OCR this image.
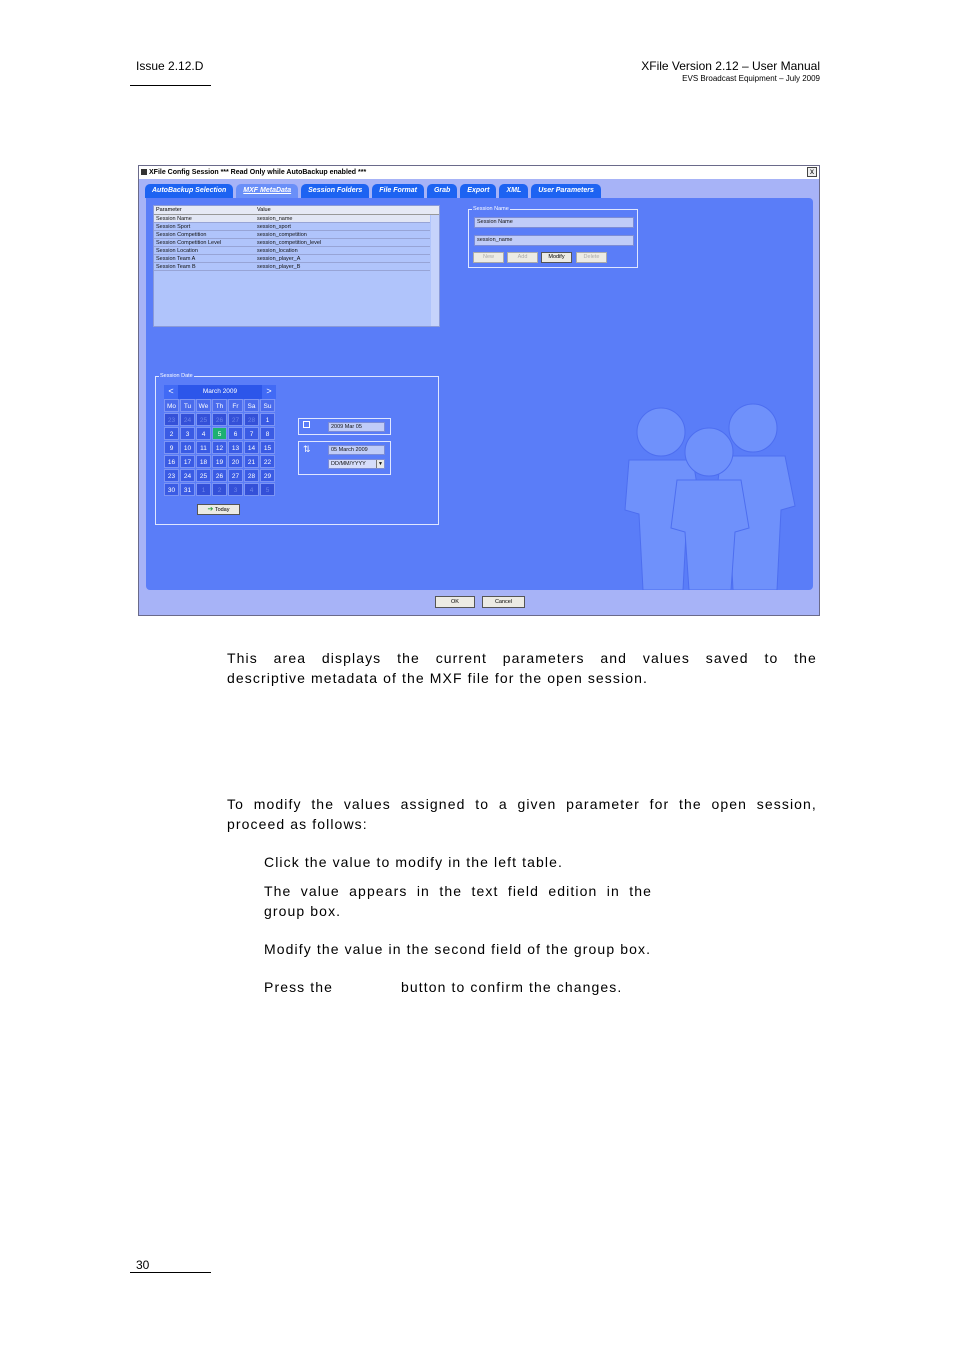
Issue 2.12.D	XFile Version 2.12 – User Manual
EVS Broadcast Equipment – July 2009
XFile Config Session *** Read Only while AutoBackup enabled ***	x
AutoBackup Selection	MXF MetaData	Session Folders	File Format	Grab	Export	XML	User Parameters
Parameter	Value
Session Name	session_name
Session Sport	session_sport
Session Competition	session_competition
Session Competition Level	session_competition_level
Session Location	session_location
Session Team A	session_player_A
Session Team B	session_player_B
Session Name
Session Name
session_name
New	Add	Modify	Delete
Session Date
March 2009
<	>
Mo	Tu	We	Th	Fr	Sa	Su
23	24	25	26	27	28	1
2	3	4	5	6	7	8
9	10	11	12	13	14	15
16	17	18	19	20	21	22
23	24	25	26	27	28	29
30	31	1	2	3	4	5
➔ Today
2009 Mar 05
⇅	05 March 2009
DD/MM/YYYY	▼
OK	Cancel
This area displays the current parameters and values saved to the
descriptive metadata of the MXF file for the open session.
To modify the values assigned to a given parameter for the open session,
proceed as follows:
Click the value to modify in the left table.
The value appears in the text field edition in the
group box.
Modify the value in the second field of the group box.
Press the	button to confirm the changes.
30
